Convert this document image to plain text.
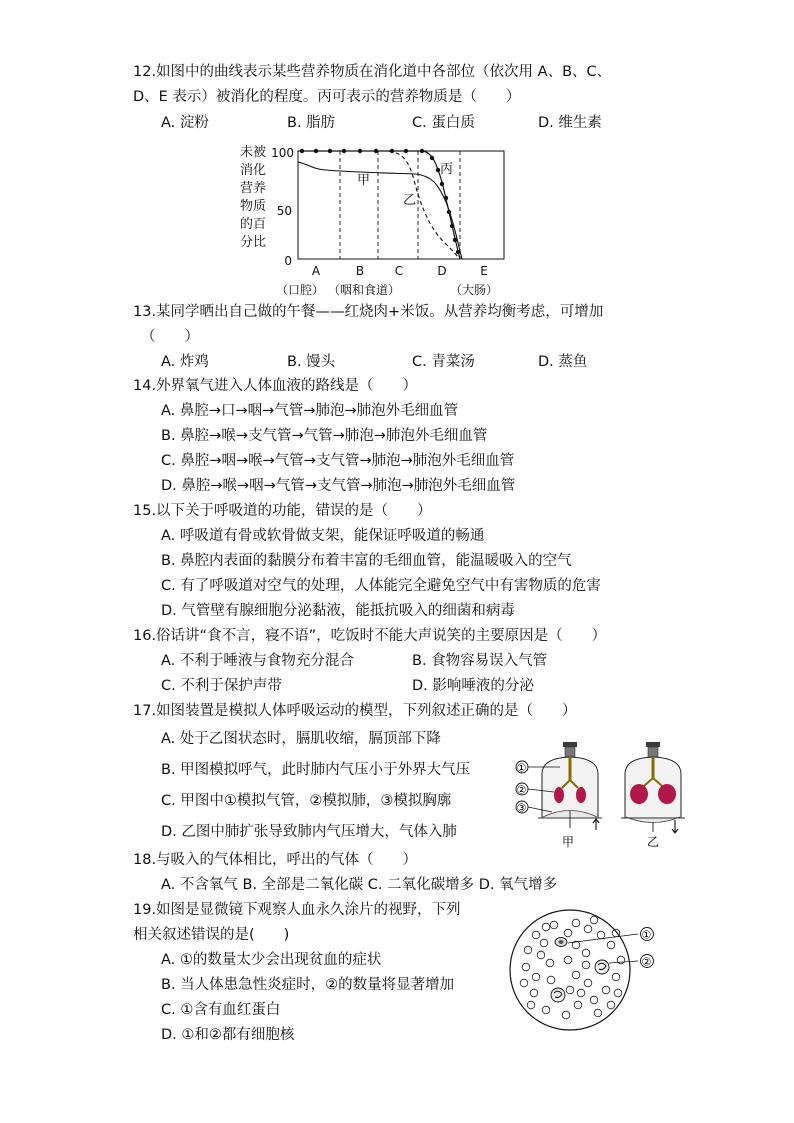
12.如图中的曲线表示某些营养物质在消化道中各部位（依次用 A、B、C、
D、E 表示）被消化的程度。丙可表示的营养物质是（　　）
A. 淀粉	B. 脂肪	C. 蛋白质	D. 维生素
未被
消化
营养
物质
的百
分比
100
50
0
甲
乙
丙
A	B	C	D	E
（口腔） （咽和食道）	（大肠）
13.某同学晒出自己做的午餐——红烧肉+米饭。从营养均衡考虑，可增加
（　　）
A. 炸鸡	B. 馒头	C. 青菜汤	D. 蒸鱼
14.外界氧气进入人体血液的路线是（　　）
A. 鼻腔→口→咽→气管→肺泡→肺泡外毛细血管
B. 鼻腔→喉→支气管→气管→肺泡→肺泡外毛细血管
C. 鼻腔→咽→喉→气管→支气管→肺泡→肺泡外毛细血管
D. 鼻腔→喉→咽→气管→支气管→肺泡→肺泡外毛细血管
15.以下关于呼吸道的功能，错误的是（　　）
A. 呼吸道有骨或软骨做支架，能保证呼吸道的畅通
B. 鼻腔内表面的黏膜分布着丰富的毛细血管，能温暖吸入的空气
C. 有了呼吸道对空气的处理，人体能完全避免空气中有害物质的危害
D. 气管壁有腺细胞分泌黏液，能抵抗吸入的细菌和病毒
16.俗话讲“食不言，寝不语”，吃饭时不能大声说笑的主要原因是（　　）
A. 不利于唾液与食物充分混合	B. 食物容易误入气管
C. 不利于保护声带	D. 影响唾液的分泌
17.如图装置是模拟人体呼吸运动的模型，下列叙述正确的是（　　）
A. 处于乙图状态时，膈肌收缩，膈顶部下降
B. 甲图模拟呼气，此时肺内气压小于外界大气压
C. 甲图中①模拟气管，②模拟肺，③模拟胸廓
D. 乙图中肺扩张导致肺内气压增大，气体入肺
①
②
③
甲	乙
18.与吸入的气体相比，呼出的气体（　　）
A. 不含氧气 B. 全部是二氧化碳 C. 二氧化碳增多 D. 氧气增多
19.如图是显微镜下观察人血永久涂片的视野，下列
相关叙述错误的是(　　)
A. ①的数量太少会出现贫血的症状
B. 当人体患急性炎症时，②的数量将显著增加
C. ①含有血红蛋白
D. ①和②都有细胞核
①
②
